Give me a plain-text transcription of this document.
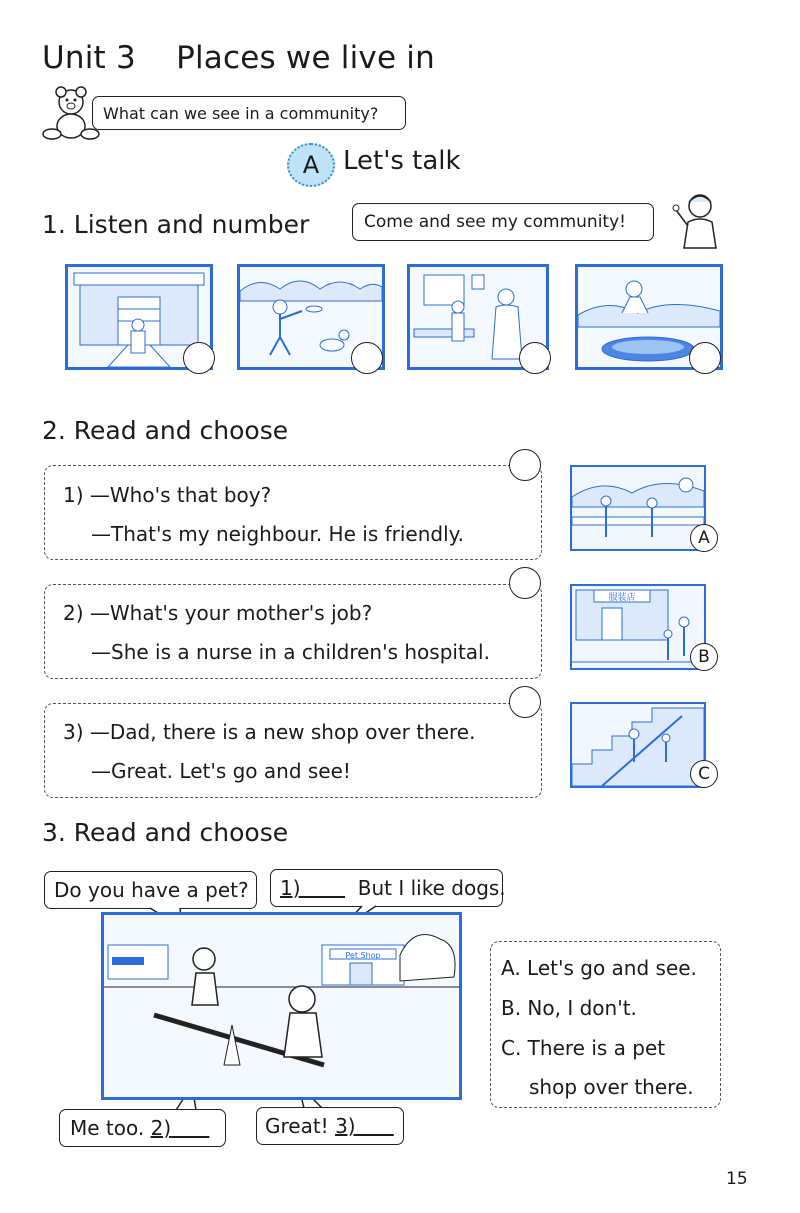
Unit 3    Places we live in
What can we see in a community?
A Let's talk
1. Listen and number	Come and see my community!
2. Read and choose
1) —Who's that boy?
—That's my neighbour. He is friendly.
2) —What's your mother's job?
—She is a nurse in a children's hospital.
3) —Dad, there is a new shop over there.
—Great. Let's go and see!
A
服装店
B
C
3. Read and choose
Do you have a pet?	1)	But I like dogs.
Pet Shop
A. Let's go and see.
B. No, I don't.
C. There is a pet
shop over there.
Me too. 2)	Great! 3)
15
